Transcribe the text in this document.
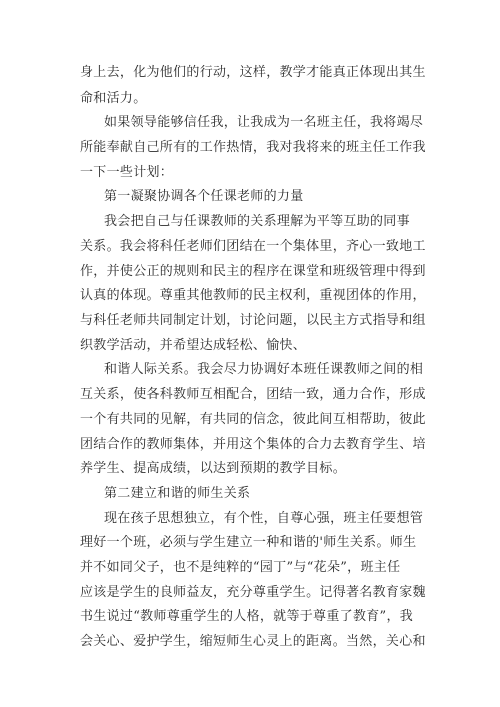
身上去，化为他们的行动，这样，教学才能真正体现出其生
命和活力。
如果领导能够信任我，让我成为一名班主任，我将竭尽
所能奉献自己所有的工作热情，我对我将来的班主任工作我
一下一些计划：
第一凝聚协调各个任课老师的力量
我会把自己与任课教师的关系理解为平等互助的同事
关系。我会将科任老师们团结在一个集体里，齐心一致地工
作，并使公正的规则和民主的程序在课堂和班级管理中得到
认真的体现。尊重其他教师的民主权利，重视团体的作用，
与科任老师共同制定计划，讨论问题，以民主方式指导和组
织教学活动，并希望达成轻松、愉快、
和谐人际关系。我会尽力协调好本班任课教师之间的相
互关系，使各科教师互相配合，团结一致，通力合作，形成
一个有共同的见解，有共同的信念，彼此间互相帮助，彼此
团结合作的教师集体，并用这个集体的合力去教育学生、培
养学生、提高成绩，以达到预期的教学目标。
第二建立和谐的师生关系
现在孩子思想独立，有个性，自尊心强，班主任要想管
理好一个班，必须与学生建立一种和谐的'师生关系。师生
并不如同父子，也不是纯粹的“园丁”与“花朵”，班主任
应该是学生的良师益友，充分尊重学生。记得著名教育家魏
书生说过“教师尊重学生的人格，就等于尊重了教育”，我
会关心、爱护学生，缩短师生心灵上的距离。当然，关心和
